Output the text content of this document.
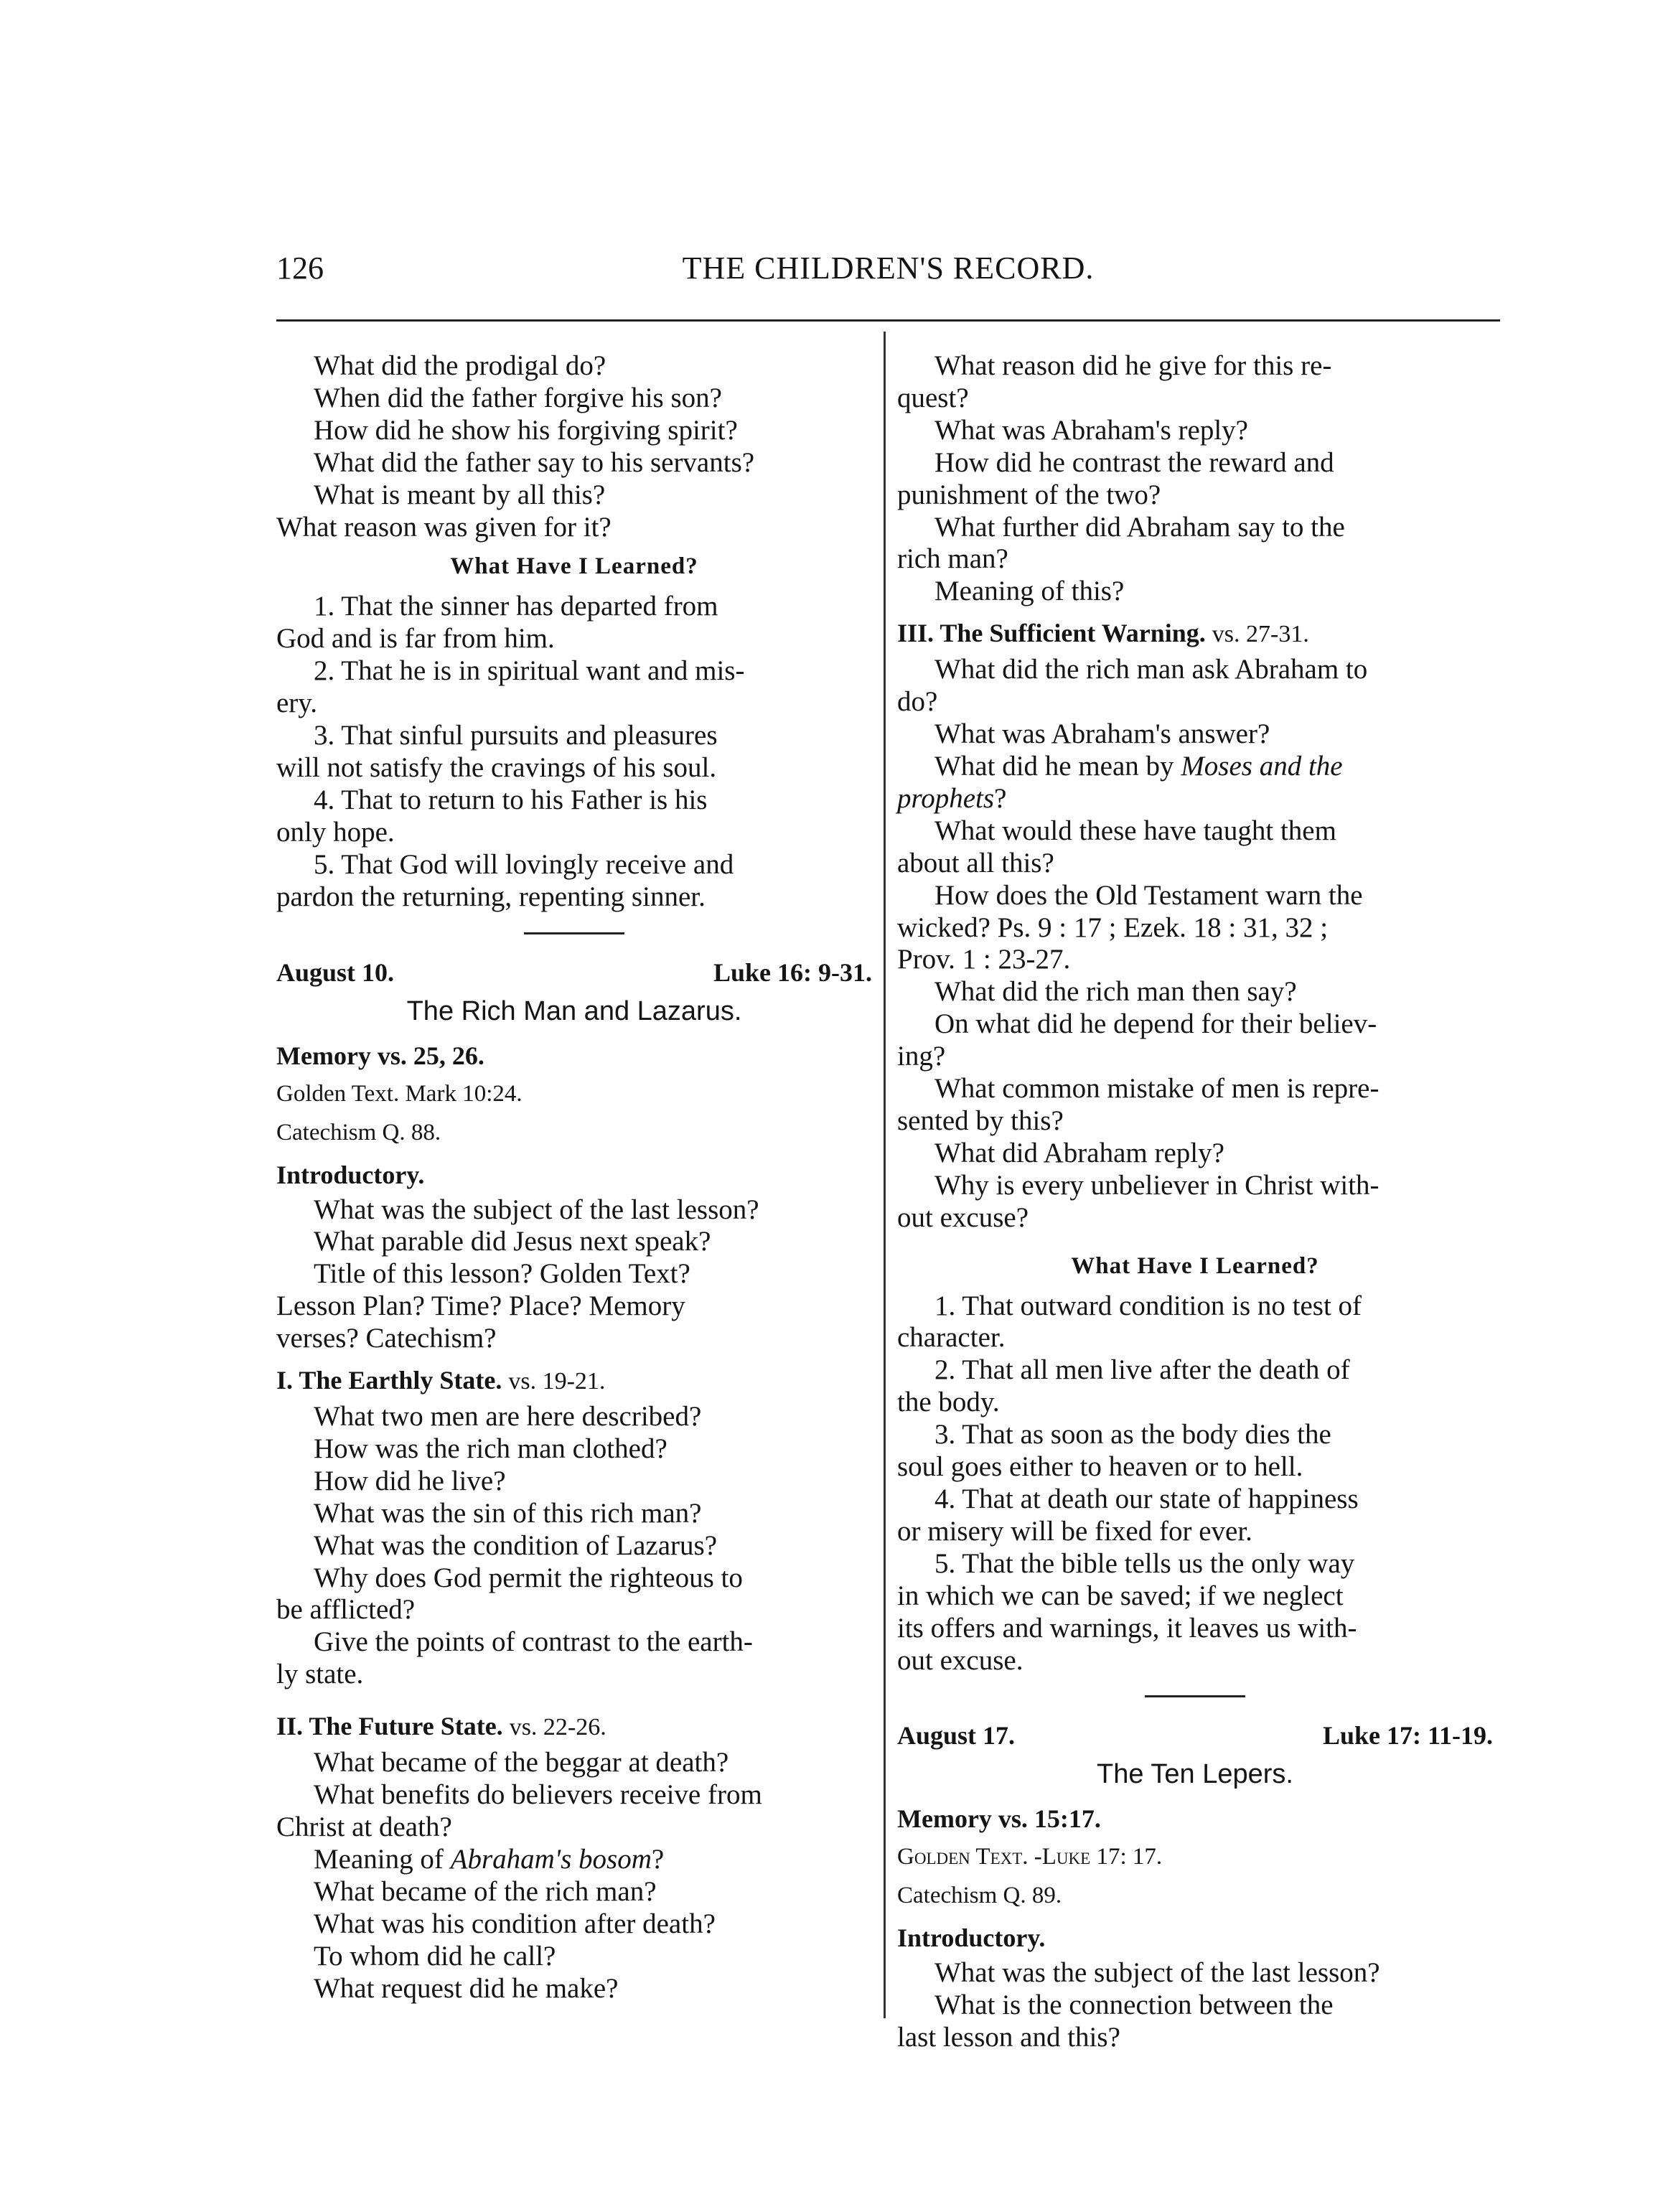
126	THE CHILDREN'S RECORD.

What did the prodigal do?

When did the father forgive his son?

How did he show his forgiving spirit?

What did the father say to his servants?

What is meant by all this?

What reason was given for it?

What Have I Learned?

1. That the sinner has departed from

God and is far from him.

2. That he is in spiritual want and mis-

ery.

3. That sinful pursuits and pleasures

will not satisfy the cravings of his soul.

4. That to return to his Father is his

only hope.

5. That God will lovingly receive and

pardon the returning, repenting sinner.

August 10.	Luke 16: 9-31.
The Rich Man and Lazarus.
Memory vs. 25, 26.
Golden Text. Mark 10:24.
Catechism Q. 88.
Introductory.

What was the subject of the last lesson?

What parable did Jesus next speak?

Title of this lesson? Golden Text?

Lesson Plan? Time? Place? Memory

verses? Catechism?

I. The Earthly State. vs. 19-21.

What two men are here described?

How was the rich man clothed?

How did he live?

What was the sin of this rich man?

What was the condition of Lazarus?

Why does God permit the righteous to

be afflicted?

Give the points of contrast to the earth-

ly state.

II. The Future State. vs. 22-26.

What became of the beggar at death?

What benefits do believers receive from

Christ at death?

Meaning of Abraham's bosom?

What became of the rich man?

What was his condition after death?

To whom did he call?

What request did he make?

What reason did he give for this re-

quest?

What was Abraham's reply?

How did he contrast the reward and

punishment of the two?

What further did Abraham say to the

rich man?

Meaning of this?

III. The Sufficient Warning. vs. 27-31.

What did the rich man ask Abraham to

do?

What was Abraham's answer?

What did he mean by Moses and the

prophets?

What would these have taught them

about all this?

How does the Old Testament warn the

wicked? Ps. 9 : 17 ; Ezek. 18 : 31, 32 ;

Prov. 1 : 23-27.

What did the rich man then say?

On what did he depend for their believ-

ing?

What common mistake of men is repre-

sented by this?

What did Abraham reply?

Why is every unbeliever in Christ with-

out excuse?

What Have I Learned?

1. That outward condition is no test of

character.

2. That all men live after the death of

the body.

3. That as soon as the body dies the

soul goes either to heaven or to hell.

4. That at death our state of happiness

or misery will be fixed for ever.

5. That the bible tells us the only way

in which we can be saved; if we neglect

its offers and warnings, it leaves us with-

out excuse.

August 17.	Luke 17: 11-19.
The Ten Lepers.
Memory vs. 15:17.
Golden Text. -Luke 17: 17.
Catechism Q. 89.
Introductory.

What was the subject of the last lesson?

What is the connection between the

last lesson and this?
